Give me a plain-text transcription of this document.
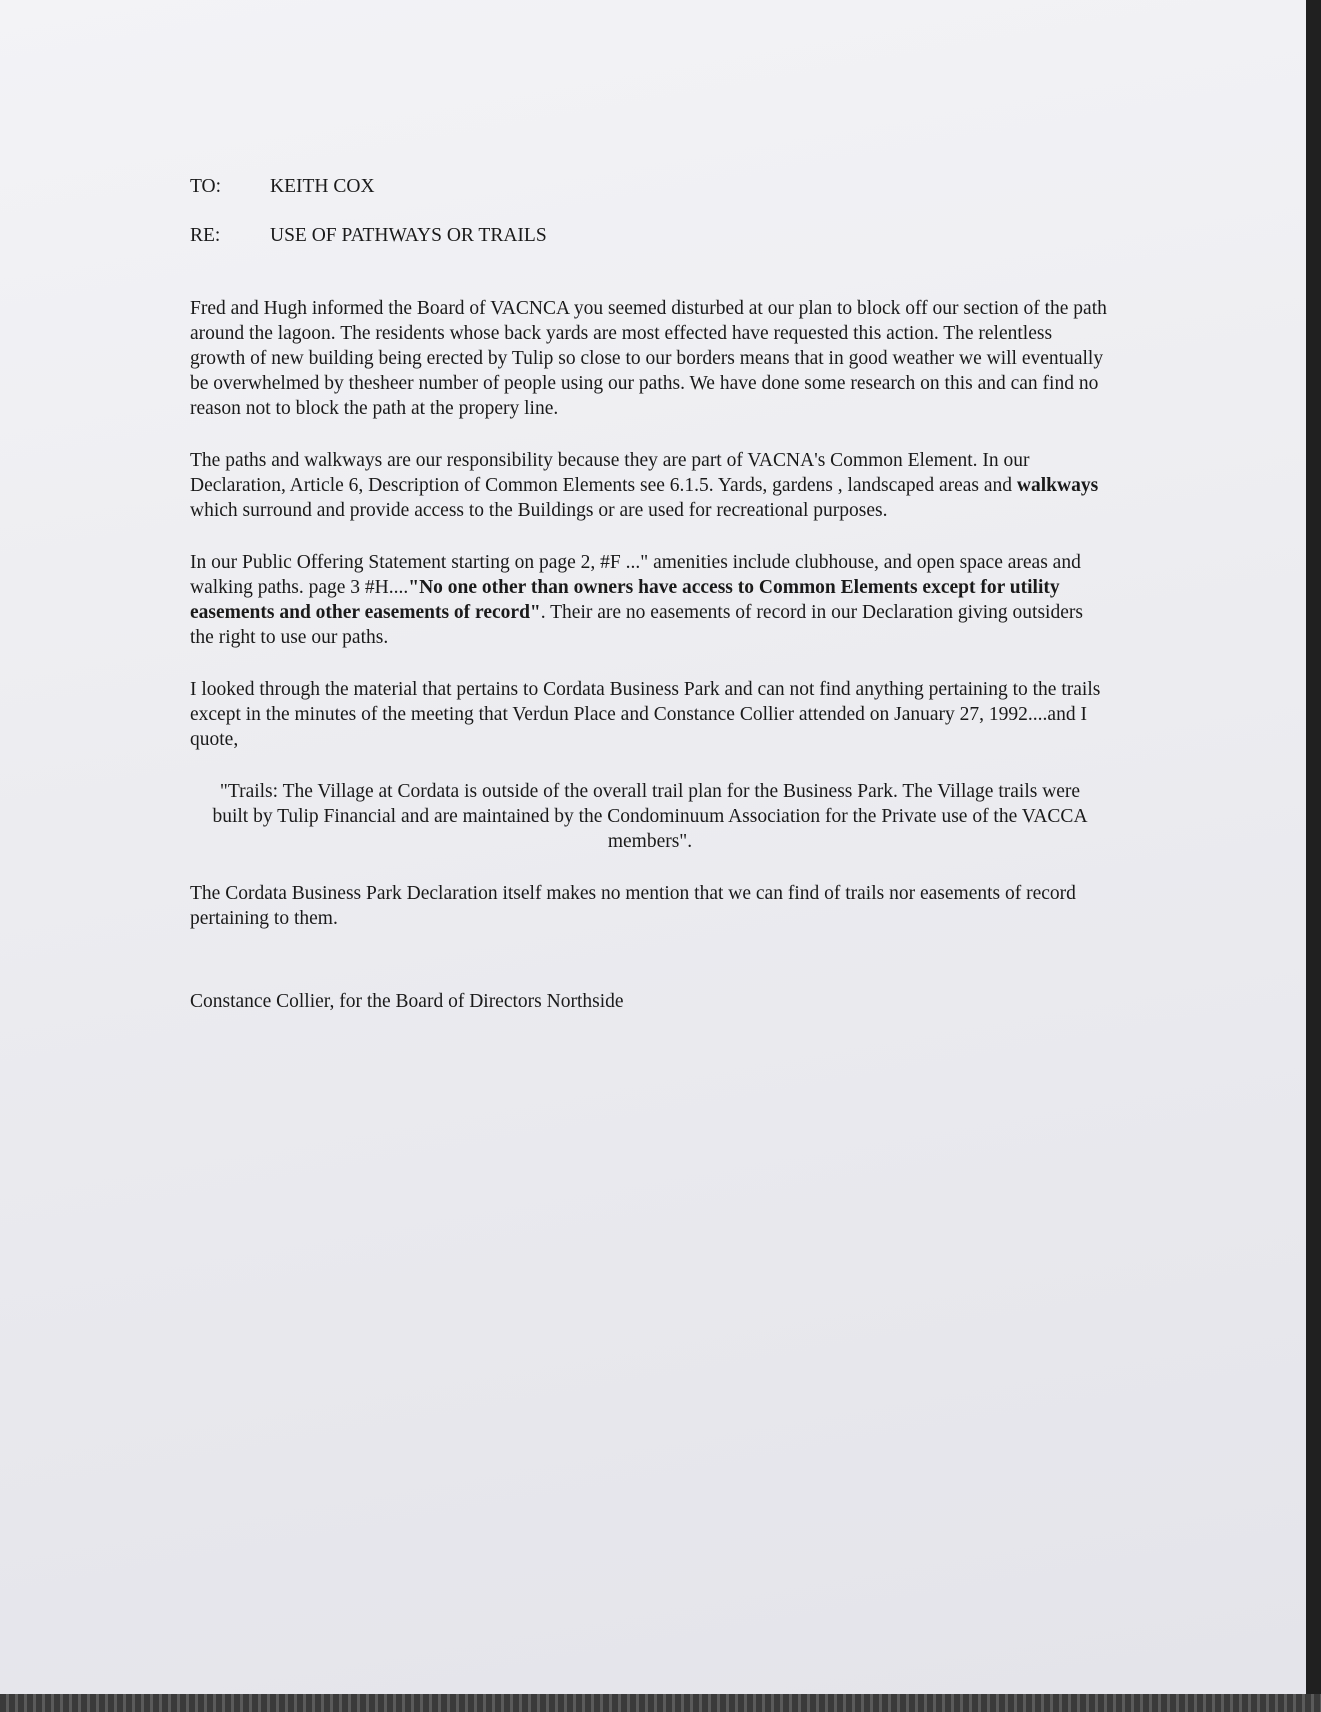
TO:	KEITH COX
RE:	USE OF PATHWAYS OR TRAILS

Fred and Hugh informed the Board of VACNCA you seemed disturbed at our plan to block off our section of the path around the lagoon. The residents whose back yards are most effected have requested this action. The relentless growth of new building being erected by Tulip so close to our borders means that in good weather we will eventually be overwhelmed by thesheer number of people using our paths. We have done some research on this and can find no reason not to block the path at the propery line.

The paths and walkways are our responsibility because they are part of VACNA's Common Element. In our Declaration, Article 6, Description of Common Elements see 6.1.5. Yards, gardens , landscaped areas and walkways which surround and provide access to the Buildings or are used for recreational purposes.

In our Public Offering Statement starting on page 2, #F ..." amenities include clubhouse, and open space areas and walking paths. page 3 #H...."No one other than owners have access to Common Elements except for utility easements and other easements of record". Their are no easements of record in our Declaration giving outsiders the right to use our paths.

I looked through the material that pertains to Cordata Business Park and can not find anything pertaining to the trails except in the minutes of the meeting that Verdun Place and Constance Collier attended on January 27, 1992....and I quote,

"Trails: The Village at Cordata is outside of the overall trail plan for the Business Park. The Village trails were built by Tulip Financial and are maintained by the Condominuum Association for the Private use of the VACCA members".

The Cordata Business Park Declaration itself makes no mention that we can find of trails nor easements of record pertaining to them.

Constance Collier, for the Board of Directors Northside
